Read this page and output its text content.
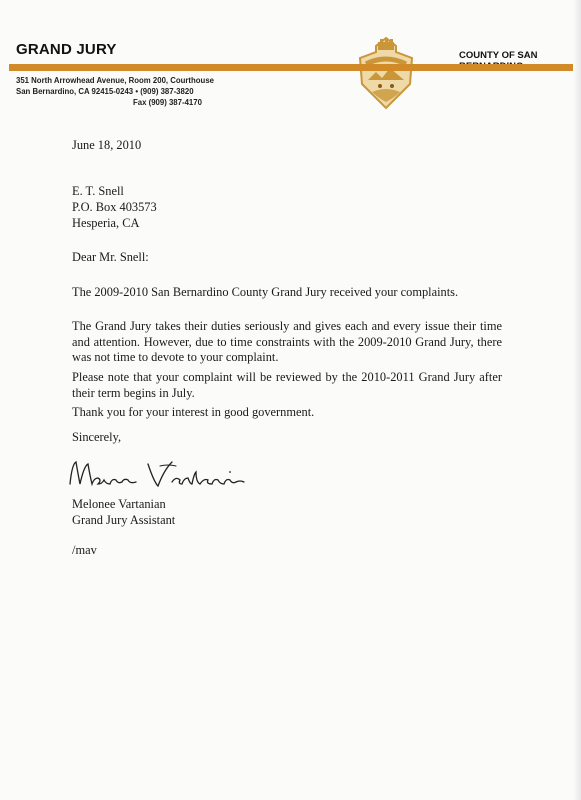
GRAND JURY	COUNTY OF SAN
351 North Arrowhead Avenue, Room 200, Courthouse
San Bernardino, CA 92415-0243 • (909) 387-3820
Fax (909) 387-4170
June 18, 2010
E. T. Snell
P.O. Box 403573
Hesperia, CA
Dear Mr. Snell:
The 2009-2010 San Bernardino County Grand Jury received your complaints.

The Grand Jury takes their duties seriously and gives each and every issue their time and attention. However, due to time constraints with the 2009-2010 Grand Jury, there was not time to devote to your complaint.

Please note that your complaint will be reviewed by the 2010-2011 Grand Jury after their term begins in July.

Thank you for your interest in good government.
Sincerely,
Melonee Vartanian
Grand Jury Assistant
/mav
